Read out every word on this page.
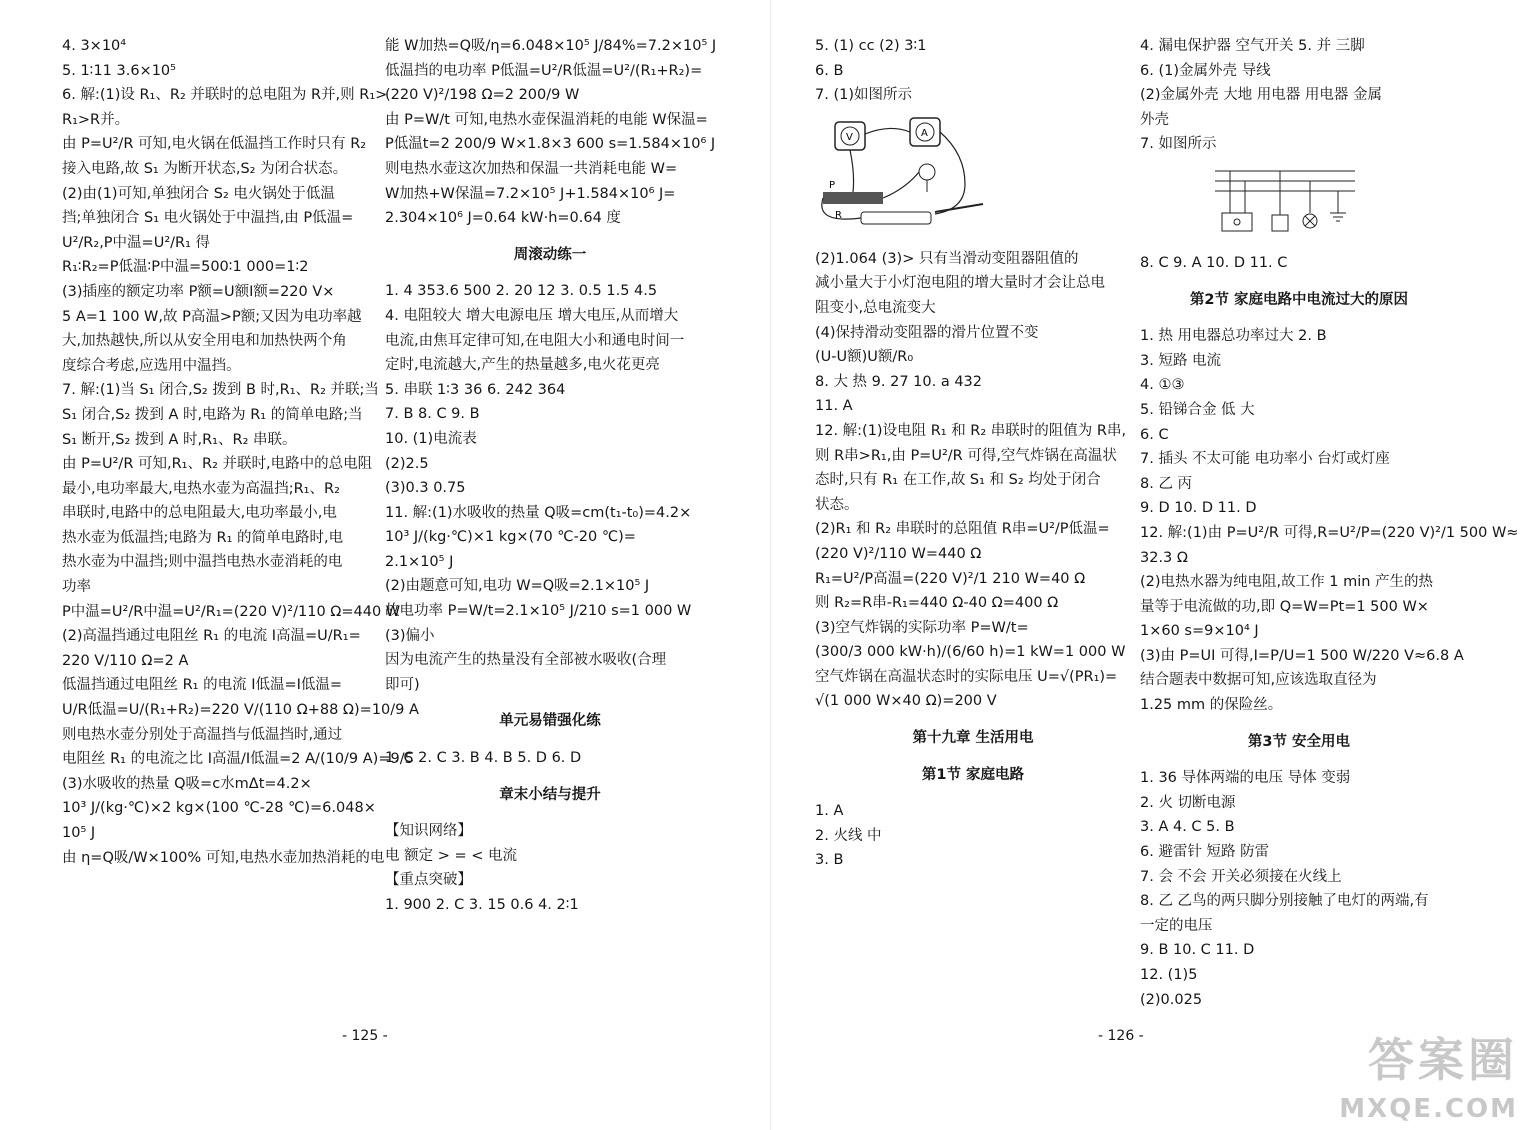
4. 3×10⁴
5. 1∶11 3.6×10⁵
6. 解:(1)设 R₁、R₂ 并联时的总电阻为 R并,则 R₁>
R₁>R并。
由 P=U²/R 可知,电火锅在低温挡工作时只有 R₂
接入电路,故 S₁ 为断开状态,S₂ 为闭合状态。
(2)由(1)可知,单独闭合 S₂ 电火锅处于低温
挡;单独闭合 S₁ 电火锅处于中温挡,由 P低温=
U²/R₂,P中温=U²/R₁ 得
R₁∶R₂=P低温∶P中温=500∶1 000=1∶2
(3)插座的额定功率 P额=U额I额=220 V×
5 A=1 100 W,故 P高温>P额;又因为电功率越
大,加热越快,所以从安全用电和加热快两个角
度综合考虑,应选用中温挡。
7. 解:(1)当 S₁ 闭合,S₂ 拨到 B 时,R₁、R₂ 并联;当
S₁ 闭合,S₂ 拨到 A 时,电路为 R₁ 的简单电路;当
S₁ 断开,S₂ 拨到 A 时,R₁、R₂ 串联。
由 P=U²/R 可知,R₁、R₂ 并联时,电路中的总电阻
最小,电功率最大,电热水壶为高温挡;R₁、R₂
串联时,电路中的总电阻最大,电功率最小,电
热水壶为低温挡;电路为 R₁ 的简单电路时,电
热水壶为中温挡;则中温挡电热水壶消耗的电
功率
P中温=U²/R中温=U²/R₁=(220 V)²/110 Ω=440 W
(2)高温挡通过电阻丝 R₁ 的电流 I高温=U/R₁=
220 V/110 Ω=2 A
低温挡通过电阻丝 R₁ 的电流 I低温=I低温=
U/R低温=U/(R₁+R₂)=220 V/(110 Ω+88 Ω)=10/9 A
则电热水壶分别处于高温挡与低温挡时,通过
电阻丝 R₁ 的电流之比 I高温/I低温=2 A/(10/9 A)=9/5
(3)水吸收的热量 Q吸=c水mΔt=4.2×
10³ J/(kg·℃)×2 kg×(100 ℃-28 ℃)=6.048×
10⁵ J
由 η=Q吸/W×100% 可知,电热水壶加热消耗的电
能 W加热=Q吸/η=6.048×10⁵ J/84%=7.2×10⁵ J
低温挡的电功率 P低温=U²/R低温=U²/(R₁+R₂)=
(220 V)²/198 Ω=2 200/9 W
由 P=W/t 可知,电热水壶保温消耗的电能 W保温=
P低温t=2 200/9 W×1.8×3 600 s=1.584×10⁶ J
则电热水壶这次加热和保温一共消耗电能 W=
W加热+W保温=7.2×10⁵ J+1.584×10⁶ J=
2.304×10⁶ J=0.64 kW·h=0.64 度
周滚动练一
1. 4 353.6 500 2. 20 12 3. 0.5 1.5 4.5
4. 电阻较大 增大电源电压 增大电压,从而增大
电流,由焦耳定律可知,在电阻大小和通电时间一
定时,电流越大,产生的热量越多,电火花更亮
5. 串联 1∶3 36 6. 242 364
7. B 8. C 9. B
10. (1)电流表
(2)2.5
(3)0.3 0.75
11. 解:(1)水吸收的热量 Q吸=cm(t₁-t₀)=4.2×
10³ J/(kg·℃)×1 kg×(70 ℃-20 ℃)=
2.1×10⁵ J
(2)由题意可知,电功 W=Q吸=2.1×10⁵ J
故电功率 P=W/t=2.1×10⁵ J/210 s=1 000 W
(3)偏小
因为电流产生的热量没有全部被水吸收(合理
即可)
单元易错强化练
1. C 2. C 3. B 4. B 5. D 6. D
章末小结与提升
【知识网络】
电 额定 > = < 电流
【重点突破】
1. 900 2. C 3. 15 0.6 4. 2∶1
5. (1) cc (2) 3∶1
6. B
7. (1)如图所示
V	A
P
R
(2)1.064 (3)> 只有当滑动变阻器阻值的
减小量大于小灯泡电阻的增大量时才会让总电
阻变小,总电流变大
(4)保持滑动变阻器的滑片位置不变
(U-U额)U额/R₀
8. 大 热 9. 27 10. a 432
11. A
12. 解:(1)设电阻 R₁ 和 R₂ 串联时的阻值为 R串,
则 R串>R₁,由 P=U²/R 可得,空气炸锅在高温状
态时,只有 R₁ 在工作,故 S₁ 和 S₂ 均处于闭合
状态。
(2)R₁ 和 R₂ 串联时的总阻值 R串=U²/P低温=
(220 V)²/110 W=440 Ω
R₁=U²/P高温=(220 V)²/1 210 W=40 Ω
则 R₂=R串-R₁=440 Ω-40 Ω=400 Ω
(3)空气炸锅的实际功率 P=W/t=
(300/3 000 kW·h)/(6/60 h)=1 kW=1 000 W
空气炸锅在高温状态时的实际电压 U=√(PR₁)=
√(1 000 W×40 Ω)=200 V
第十九章 生活用电
第1节 家庭电路
1. A
2. 火线 中
3. B
4. 漏电保护器 空气开关 5. 并 三脚
6. (1)金属外壳 导线
(2)金属外壳 大地 用电器 用电器 金属
外壳
7. 如图所示
8. C 9. A 10. D 11. C
第2节 家庭电路中电流过大的原因
1. 热 用电器总功率过大 2. B
3. 短路 电流
4. ①③
5. 铅锑合金 低 大
6. C
7. 插头 不太可能 电功率小 台灯或灯座
8. 乙 丙
9. D 10. D 11. D
12. 解:(1)由 P=U²/R 可得,R=U²/P=(220 V)²/1 500 W≈
32.3 Ω
(2)电热水器为纯电阻,故工作 1 min 产生的热
量等于电流做的功,即 Q=W=Pt=1 500 W×
1×60 s=9×10⁴ J
(3)由 P=UI 可得,I=P/U=1 500 W/220 V≈6.8 A
结合题表中数据可知,应该选取直径为
1.25 mm 的保险丝。
第3节 安全用电
1. 36 导体两端的电压 导体 变弱
2. 火 切断电源
3. A 4. C 5. B
6. 避雷针 短路 防雷
7. 会 不会 开关必须接在火线上
8. 乙 乙鸟的两只脚分别接触了电灯的两端,有
一定的电压
9. B 10. C 11. D
12. (1)5
(2)0.025
- 125 -	- 126 -	答案圈
MXQE.COM
